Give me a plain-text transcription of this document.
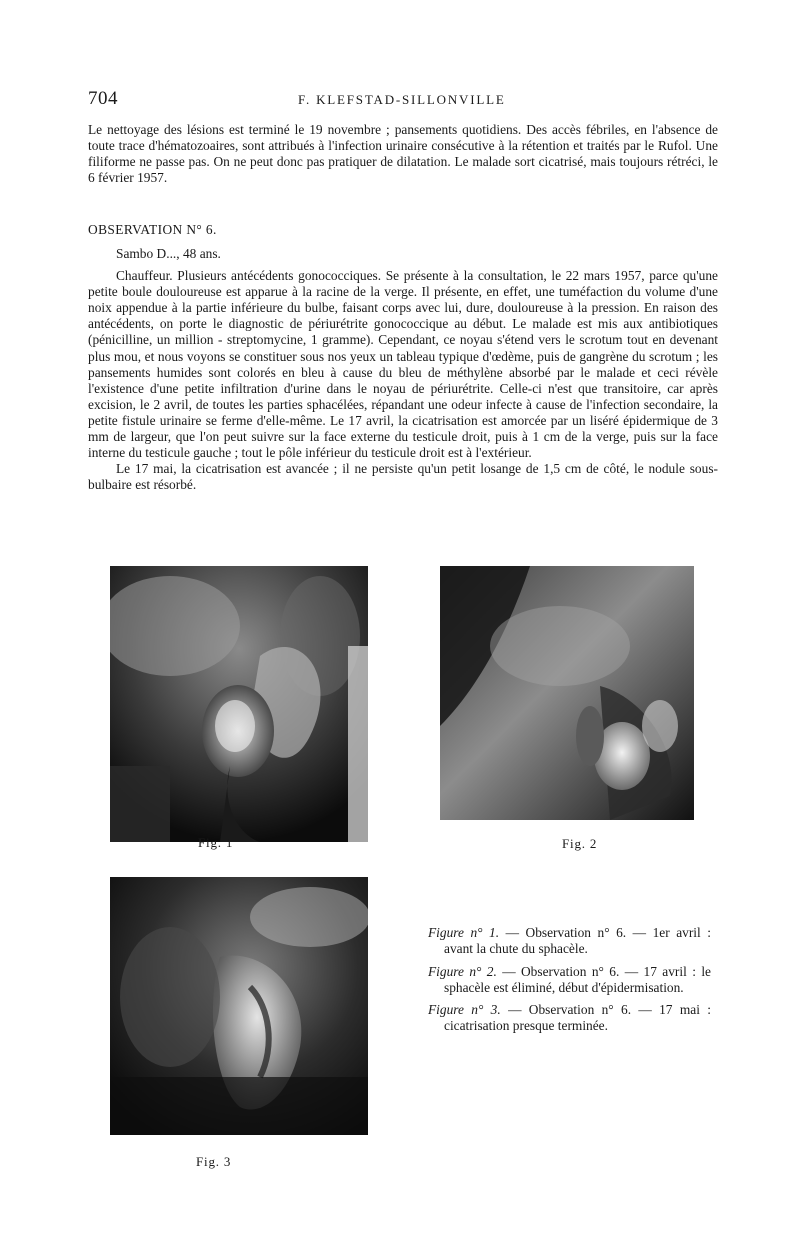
704	F. KLEFSTAD-SILLONVILLE

Le nettoyage des lésions est terminé le 19 novembre ; pansements quotidiens. Des accès fébriles, en l'absence de toute trace d'hématozoaires, sont attribués à l'infection urinaire consécutive à la rétention et traités par le Rufol. Une filiforme ne passe pas. On ne peut donc pas pratiquer de dilatation. Le malade sort cicatrisé, mais toujours rétréci, le 6 février 1957.

OBSERVATION N° 6.

Sambo D..., 48 ans.

Chauffeur. Plusieurs antécédents gonococciques. Se présente à la consultation, le 22 mars 1957, parce qu'une petite boule douloureuse est apparue à la racine de la verge. Il présente, en effet, une tuméfaction du volume d'une noix appendue à la partie inférieure du bulbe, faisant corps avec lui, dure, douloureuse à la pression. En raison des antécédents, on porte le diagnostic de périurétrite gonococcique au début. Le malade est mis aux antibiotiques (pénicilline, un million - streptomycine, 1 gramme). Cependant, ce noyau s'étend vers le scrotum tout en devenant plus mou, et nous voyons se constituer sous nos yeux un tableau typique d'œdème, puis de gangrène du scrotum ; les pansements humides sont colorés en bleu à cause du bleu de méthylène absorbé par le malade et ceci révèle l'existence d'une petite infiltration d'urine dans le noyau de périurétrite. Celle-ci n'est que transitoire, car après excision, le 2 avril, de toutes les parties sphacélées, répandant une odeur infecte à cause de l'infection secondaire, la petite fistule urinaire se ferme d'elle-même. Le 17 avril, la cicatrisation est amorcée par un liséré épidermique de 3 mm de largeur, que l'on peut suivre sur la face externe du testicule droit, puis à 1 cm de la verge, puis sur la face interne du testicule gauche ; tout le pôle inférieur du testicule droit est à l'extérieur.

Le 17 mai, la cicatrisation est avancée ; il ne persiste qu'un petit losange de 1,5 cm de côté, le nodule sous-bulbaire est résorbé.

Fig. 1	Fig. 2
Fig. 3

Figure n° 1. — Observation n° 6. — 1er avril : avant la chute du sphacèle.

Figure n° 2. — Observation n° 6. — 17 avril : le sphacèle est éliminé, début d'épidermisation.

Figure n° 3. — Observation n° 6. — 17 mai : cicatrisation presque terminée.
